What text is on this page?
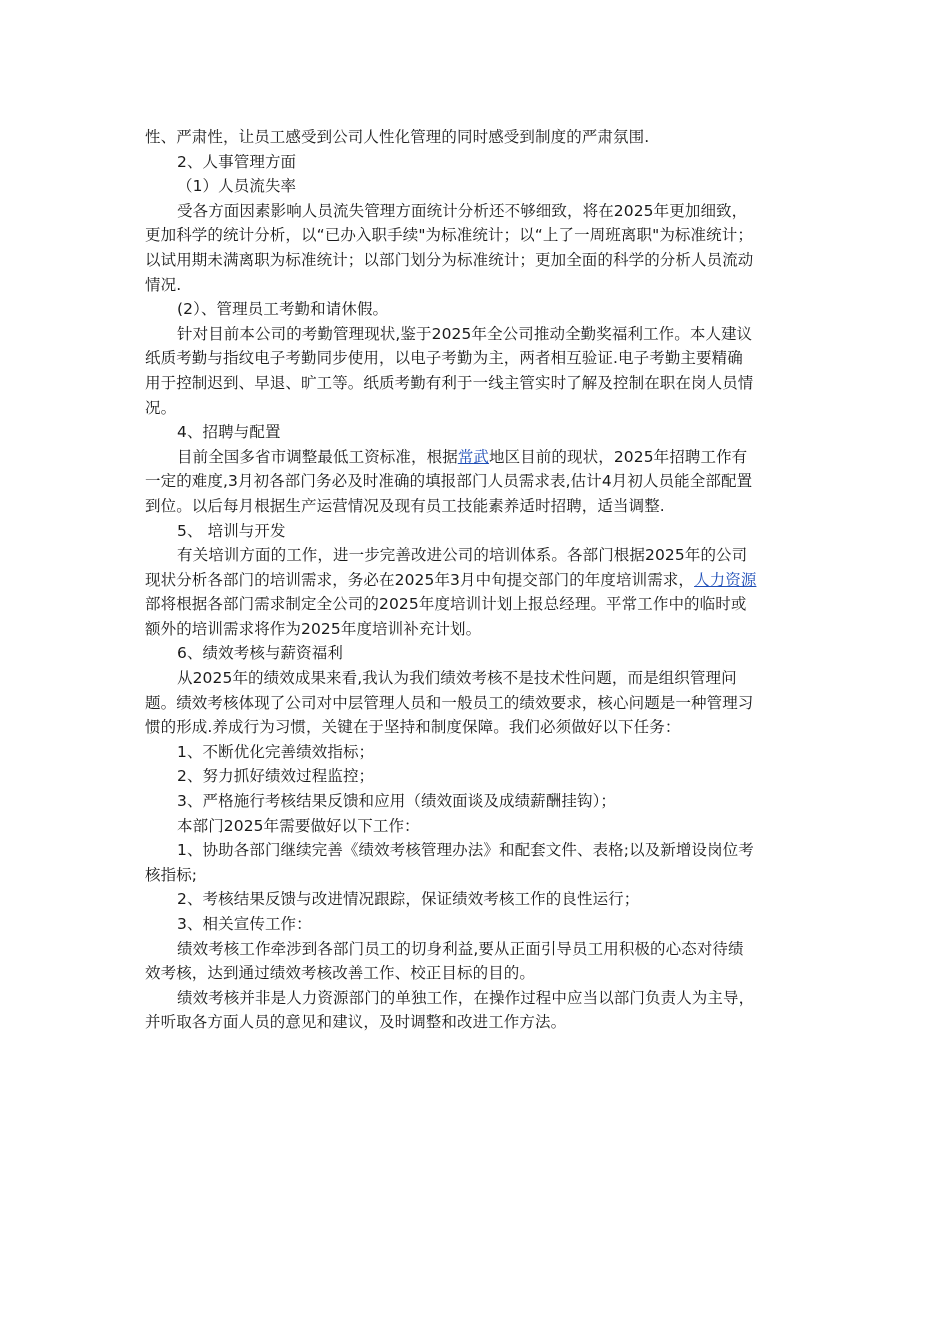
性、严肃性，让员工感受到公司人性化管理的同时感受到制度的严肃氛围.

2、人事管理方面

（1）人员流失率

受各方面因素影响人员流失管理方面统计分析还不够细致，将在2025年更加细致，更加科学的统计分析，以“已办入职手续"为标准统计；以“上了一周班离职"为标准统计；以试用期未满离职为标准统计；以部门划分为标准统计；更加全面的科学的分析人员流动情况.

(2）、管理员工考勤和请休假。

针对目前本公司的考勤管理现状,鉴于2025年全公司推动全勤奖福利工作。本人建议纸质考勤与指纹电子考勤同步使用，以电子考勤为主，两者相互验证.电子考勤主要精确用于控制迟到、早退、旷工等。纸质考勤有利于一线主管实时了解及控制在职在岗人员情况。

4、招聘与配置

目前全国多省市调整最低工资标准，根据常武地区目前的现状，2025年招聘工作有一定的难度,3月初各部门务必及时准确的填报部门人员需求表,估计4月初人员能全部配置到位。以后每月根据生产运营情况及现有员工技能素养适时招聘，适当调整.

5、 培训与开发

有关培训方面的工作，进一步完善改进公司的培训体系。各部门根据2025年的公司现状分析各部门的培训需求，务必在2025年3月中旬提交部门的年度培训需求，人力资源部将根据各部门需求制定全公司的2025年度培训计划上报总经理。平常工作中的临时或额外的培训需求将作为2025年度培训补充计划。

6、绩效考核与薪资福利

从2025年的绩效成果来看,我认为我们绩效考核不是技术性问题，而是组织管理问题。绩效考核体现了公司对中层管理人员和一般员工的绩效要求，核心问题是一种管理习惯的形成.养成行为习惯，关键在于坚持和制度保障。我们必须做好以下任务：

1、不断优化完善绩效指标；

2、努力抓好绩效过程监控；

3、严格施行考核结果反馈和应用（绩效面谈及成绩薪酬挂钩）；

本部门2025年需要做好以下工作：

1、协助各部门继续完善《绩效考核管理办法》和配套文件、表格;以及新增设岗位考核指标;

2、考核结果反馈与改进情况跟踪，保证绩效考核工作的良性运行；

3、相关宣传工作：

绩效考核工作牵涉到各部门员工的切身利益,要从正面引导员工用积极的心态对待绩效考核，达到通过绩效考核改善工作、校正目标的目的。

绩效考核并非是人力资源部门的单独工作，在操作过程中应当以部门负责人为主导，并听取各方面人员的意见和建议，及时调整和改进工作方法。
